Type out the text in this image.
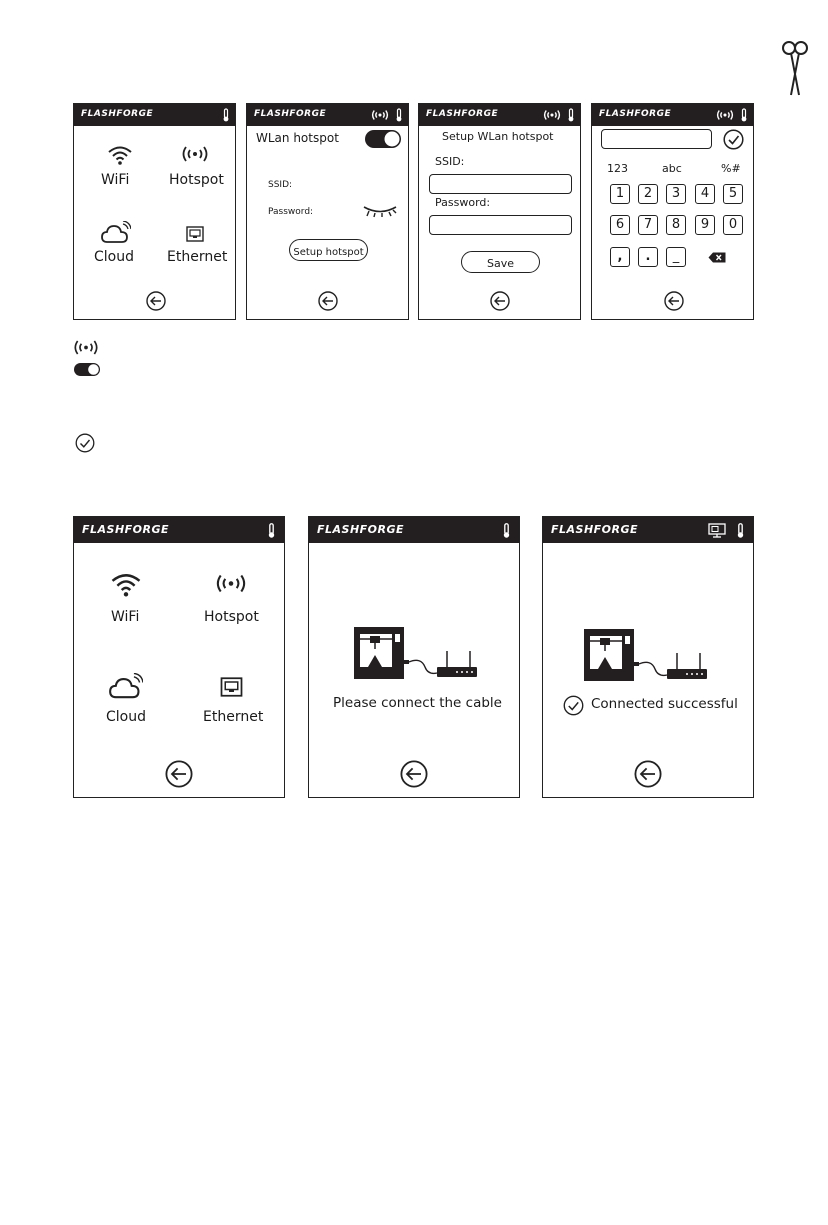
FLASHFORGE
WiFi	Hotspot
Cloud Ethernet
FLASHFORGE
WLan hotspot
SSID:
Password:
Setup hotspot
FLASHFORGE
Setup WLan hotspot
SSID:
Password:
Save
FLASHFORGE
123	abc	%#
1	2	3	4	5
6	7	8	9	0
,	.	_
FLASHFORGE
WiFi	Hotspot
Cloud	Ethernet
FLASHFORGE
Please connect the cable
FLASHFORGE
Connected successful
